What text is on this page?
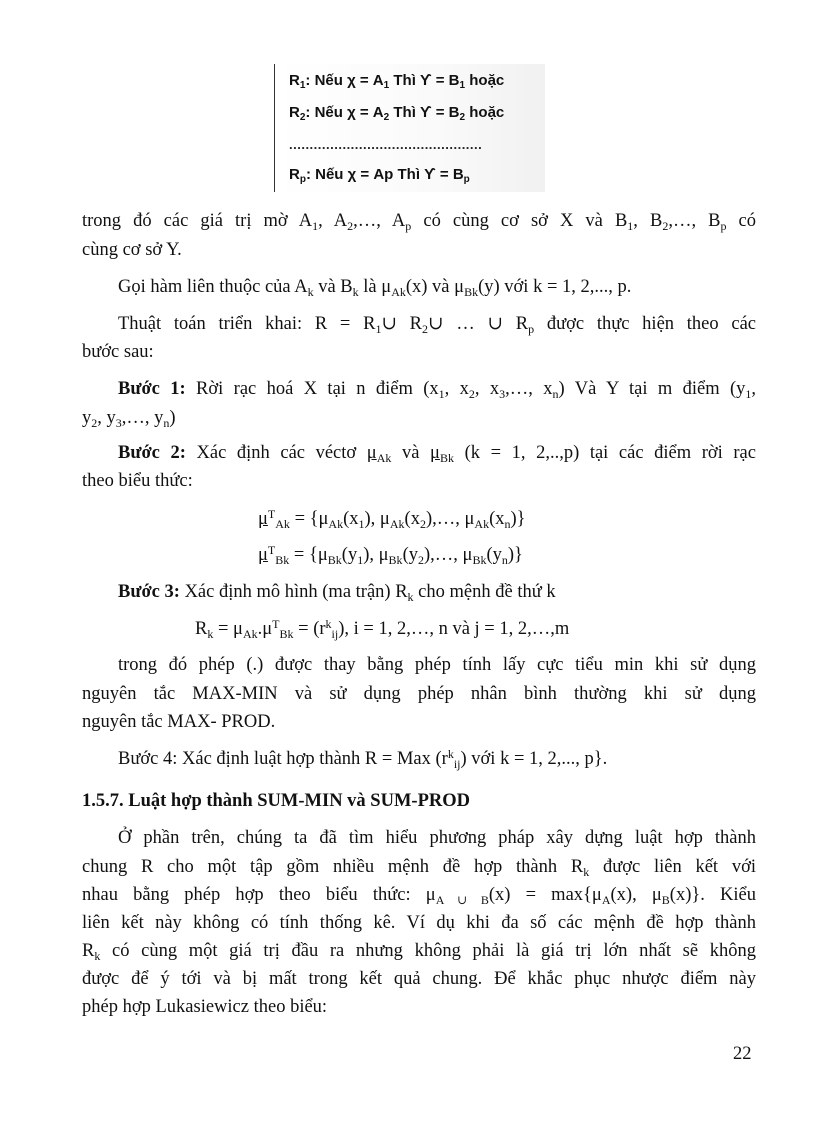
$R_1$: Nếu $\chi = A_1$ Thì $ϒ = B_1$ hoặc
$R_2$: Nếu $\chi = A_2$ Thì $ϒ = B_2$ hoặc
...............................................
$R_p$: Nếu χ = Ap Thì $ϒ = B_p$
trong đó các giá trị mờ $A_1$, $A_2,\dots$, $A_p$ có cùng cơ sở X và $B_1$, $B_2,\dots$, $B_p$ có
cùng cơ sở Y.
Gọi hàm liên thuộc của $A_k$ và $B_k$ là $\mu_{Ak}(x)$ và $\mu_{Bk}(y)$ với k = 1, 2,..., p.
Thuật toán triển khai: $R = R_1\cup$ $R_2\cup$ … ∪ $R_p$ được thực hiện theo các
bước sau:
Bước 1: Rời rạc hoá X tại n điểm ($x_1$, $x_2$, $x_3,\dots$, $x_n$) Và Y tại m điểm ($y_1$,
$y_2$, $y_3,\dots$, $y_n$)
Bước 2: Xác định các véctơ $\mu_{Ak}$ và $\mu_{Bk}$ (k = 1, 2,..,p) tại các điểm rời rạc
theo biểu thức:
$\mu^T_{Ak} = \{\mu_{Ak}(x_1)$, $\mu_{Ak}(x_2),\dots$, $\mu_{Ak}(x_n)$}
$\mu^T_{Bk} = \{\mu_{Bk}(y_1)$, $\mu_{Bk}(y_2),\dots$, $\mu_{Bk}(y_n)$}
Bước 3: Xác định mô hình (ma trận) $R_k$ cho mệnh đề thứ k
$R_k = \mu_{Ak}.\mu^T_{Bk} = (r^k_{ij})$, i = 1, 2,…, n và j = 1, 2,…,m
trong đó phép (.) được thay bằng phép tính lấy cực tiểu min khi sử dụng
nguyên tắc MAX-MIN và sử dụng phép nhân bình thường khi sử dụng
nguyên tắc MAX- PROD.
Bước 4: Xác định luật hợp thành R = Max $(r^k_{ij})$ với k = 1, 2,..., p}.
1.5.7. Luật hợp thành SUM-MIN và SUM-PROD
Ở phần trên, chúng ta đã tìm hiểu phương pháp xây dựng luật hợp thành
chung R cho một tập gồm nhiều mệnh đề hợp thành $R_k$ được liên kết với
nhau bằng phép hợp theo biểu thức: $\mu_{A \cup B}(x) = \max\{\mu_A(x)$, $\mu_B(x)$}. Kiểu
liên kết này không có tính thống kê. Ví dụ khi đa số các mệnh đề hợp thành
$R_k$ có cùng một giá trị đầu ra nhưng không phải là giá trị lớn nhất sẽ không
được để ý tới và bị mất trong kết quả chung. Để khắc phục nhược điểm này
phép hợp Lukasiewicz theo biểu:
22
